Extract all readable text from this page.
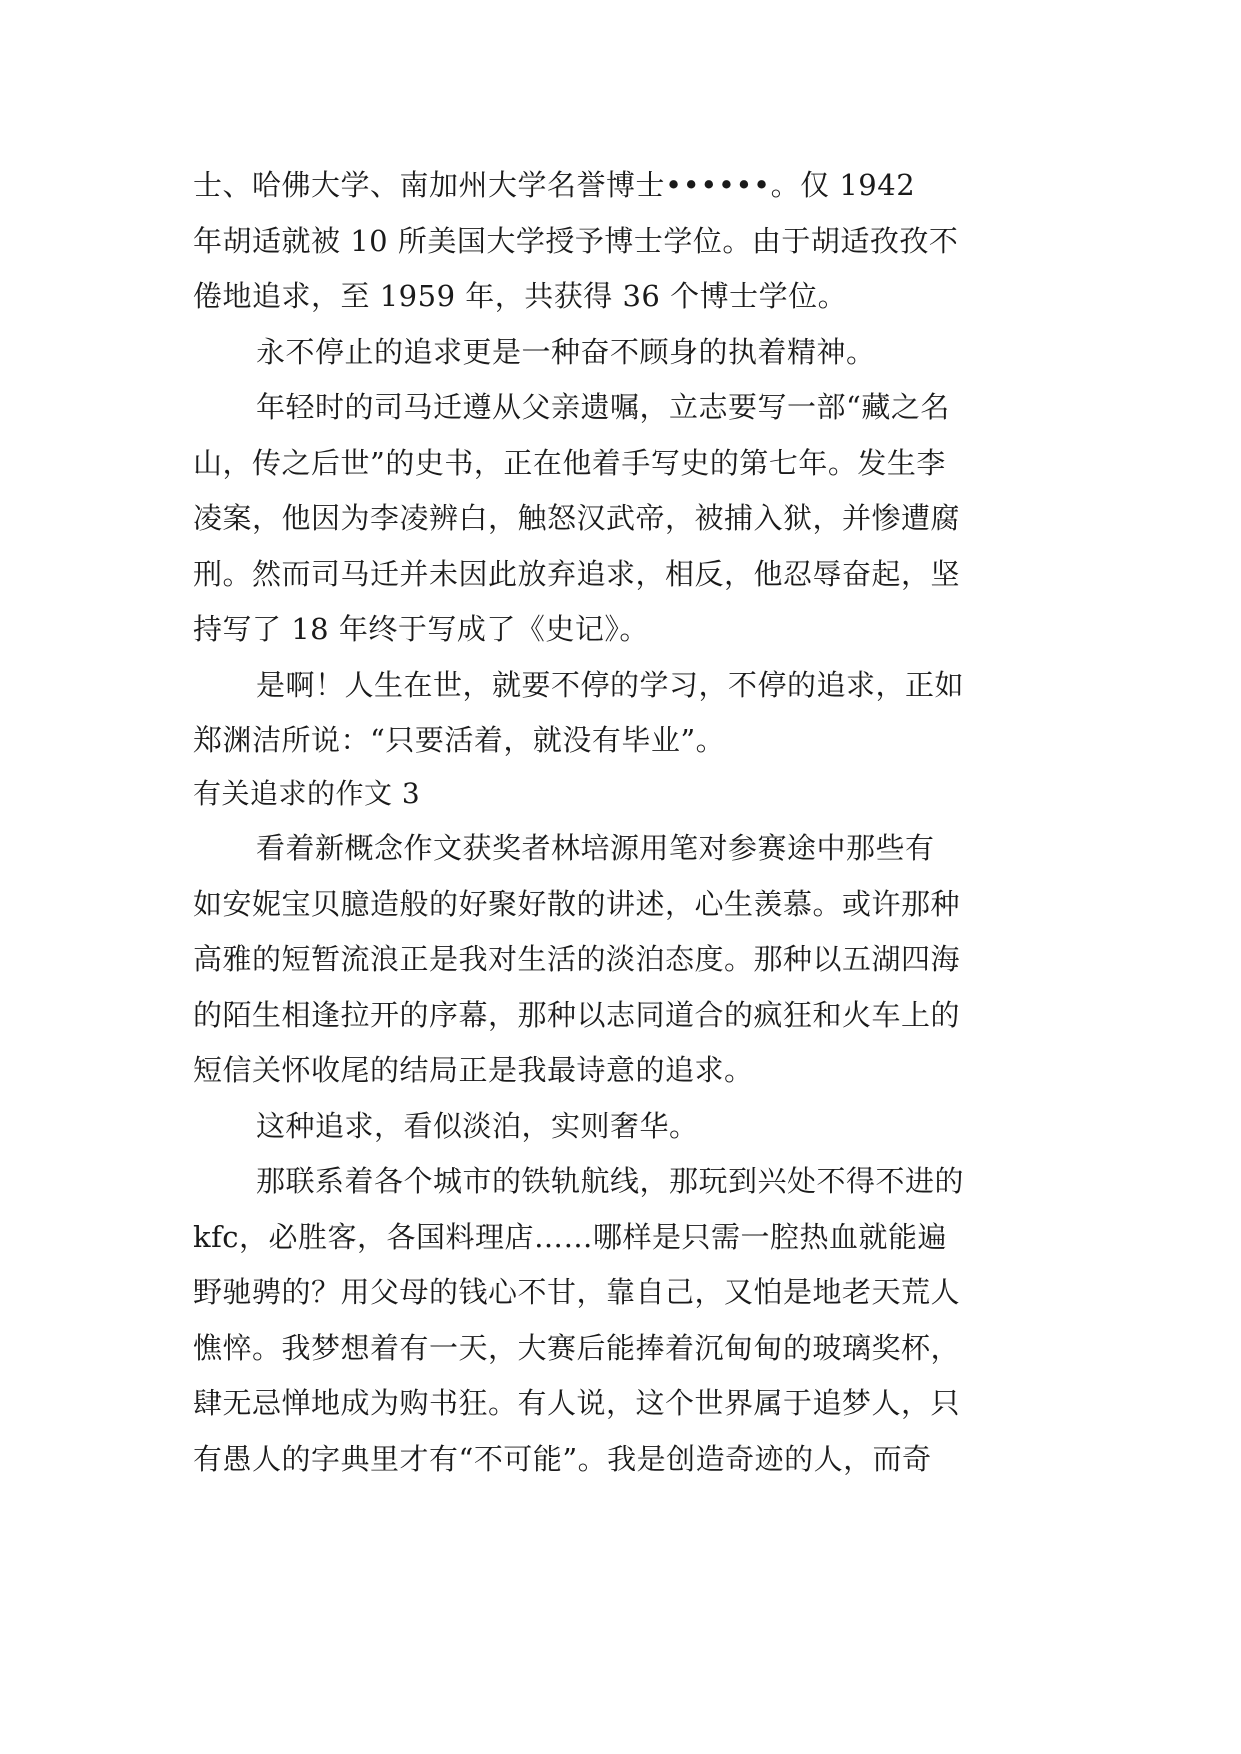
士、哈佛大学、南加州大学名誉博士••••••。仅 1942
年胡适就被 10 所美国大学授予博士学位。由于胡适孜孜不
倦地追求，至 1959 年，共获得 36 个博士学位。
永不停止的追求更是一种奋不顾身的执着精神。
年轻时的司马迁遵从父亲遗嘱，立志要写一部“藏之名
山，传之后世”的史书，正在他着手写史的第七年。发生李
凌案，他因为李凌辨白，触怒汉武帝，被捕入狱，并惨遭腐
刑。然而司马迁并未因此放弃追求，相反，他忍辱奋起，坚
持写了 18 年终于写成了《史记》。
是啊！人生在世，就要不停的学习，不停的追求，正如
郑渊洁所说：“只要活着，就没有毕业”。
有关追求的作文 3
看着新概念作文获奖者林培源用笔对参赛途中那些有
如安妮宝贝臆造般的好聚好散的讲述，心生羡慕。或许那种
高雅的短暂流浪正是我对生活的淡泊态度。那种以五湖四海
的陌生相逢拉开的序幕，那种以志同道合的疯狂和火车上的
短信关怀收尾的结局正是我最诗意的追求。
这种追求，看似淡泊，实则奢华。
那联系着各个城市的铁轨航线，那玩到兴处不得不进的
kfc，必胜客，各国料理店……哪样是只需一腔热血就能遍
野驰骋的？用父母的钱心不甘，靠自己，又怕是地老天荒人
憔悴。我梦想着有一天，大赛后能捧着沉甸甸的玻璃奖杯，
肆无忌惮地成为购书狂。有人说，这个世界属于追梦人，只
有愚人的字典里才有“不可能”。我是创造奇迹的人，而奇
